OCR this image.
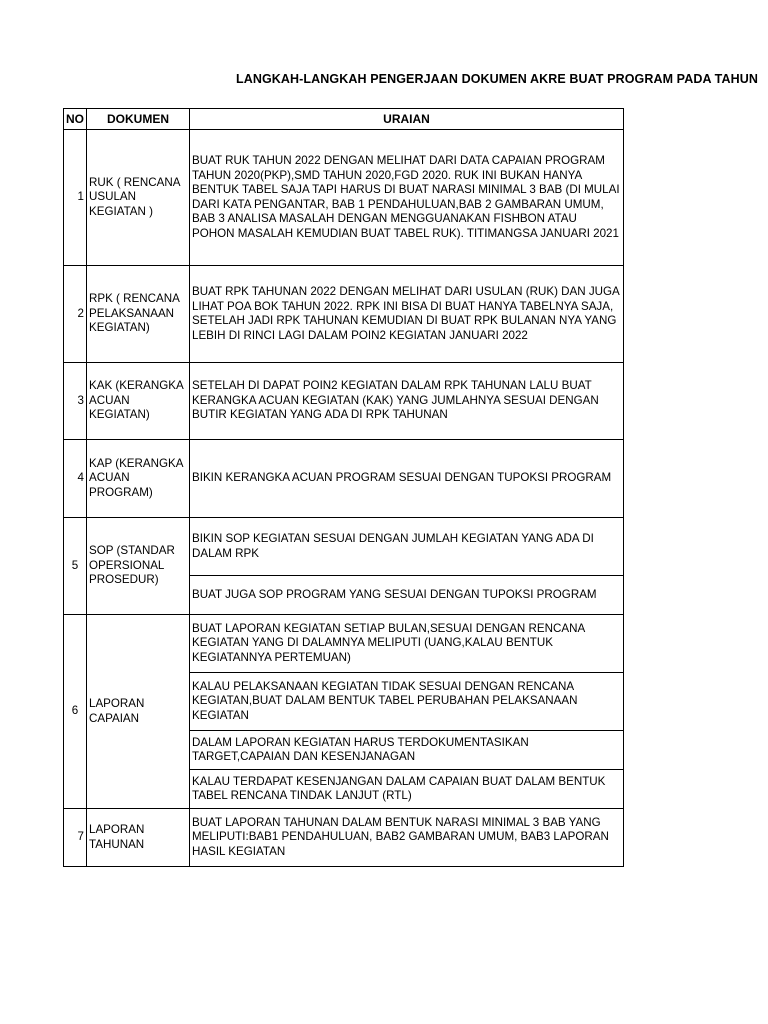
LANGKAH-LANGKAH PENGERJAAN DOKUMEN AKRE BUAT PROGRAM PADA TAHUN
NO	DOKUMEN	URAIAN
1	RUK ( RENCANA USULAN KEGIATAN )	BUAT RUK TAHUN 2022 DENGAN MELIHAT DARI DATA CAPAIAN PROGRAM TAHUN 2020(PKP),SMD TAHUN 2020,FGD 2020. RUK INI BUKAN HANYA BENTUK TABEL SAJA TAPI HARUS DI BUAT NARASI MINIMAL 3 BAB (DI MULAI DARI KATA PENGANTAR, BAB 1 PENDAHULUAN,BAB 2 GAMBARAN UMUM, BAB 3 ANALISA MASALAH DENGAN MENGGUANAKAN FISHBON ATAU POHON MASALAH KEMUDIAN BUAT TABEL RUK). TITIMANGSA JANUARI 2021
2	RPK ( RENCANA PELAKSANAAN KEGIATAN)	BUAT RPK TAHUNAN 2022 DENGAN MELIHAT DARI USULAN (RUK) DAN JUGA LIHAT POA BOK TAHUN 2022. RPK INI BISA DI BUAT HANYA TABELNYA SAJA, SETELAH JADI RPK TAHUNAN KEMUDIAN DI BUAT RPK BULANAN NYA YANG LEBIH DI RINCI LAGI DALAM POIN2 KEGIATAN JANUARI 2022
3	KAK (KERANGKA ACUAN KEGIATAN)	SETELAH DI DAPAT POIN2 KEGIATAN DALAM RPK TAHUNAN LALU BUAT KERANGKA ACUAN KEGIATAN (KAK) YANG JUMLAHNYA SESUAI DENGAN BUTIR KEGIATAN YANG ADA DI RPK TAHUNAN
4	KAP (KERANGKA ACUAN PROGRAM)	BIKIN KERANGKA ACUAN PROGRAM SESUAI DENGAN TUPOKSI PROGRAM
5	SOP (STANDAR OPERSIONAL PROSEDUR)	BIKIN SOP KEGIATAN SESUAI DENGAN JUMLAH KEGIATAN YANG ADA DI DALAM RPK
		BUAT JUGA SOP PROGRAM YANG SESUAI DENGAN TUPOKSI PROGRAM
6	LAPORAN CAPAIAN	BUAT LAPORAN KEGIATAN SETIAP BULAN,SESUAI DENGAN RENCANA KEGIATAN YANG DI DALAMNYA MELIPUTI (UANG,KALAU BENTUK KEGIATANNYA PERTEMUAN)
		KALAU PELAKSANAAN KEGIATAN TIDAK SESUAI DENGAN RENCANA KEGIATAN,BUAT DALAM BENTUK TABEL PERUBAHAN PELAKSANAAN KEGIATAN
		DALAM LAPORAN KEGIATAN HARUS TERDOKUMENTASIKAN TARGET,CAPAIAN DAN KESENJANAGAN
		KALAU TERDAPAT KESENJANGAN DALAM CAPAIAN BUAT DALAM BENTUK TABEL RENCANA TINDAK LANJUT (RTL)
7	LAPORAN TAHUNAN	BUAT LAPORAN TAHUNAN DALAM BENTUK NARASI MINIMAL 3 BAB YANG MELIPUTI:BAB1 PENDAHULUAN, BAB2 GAMBARAN UMUM, BAB3 LAPORAN HASIL KEGIATAN
